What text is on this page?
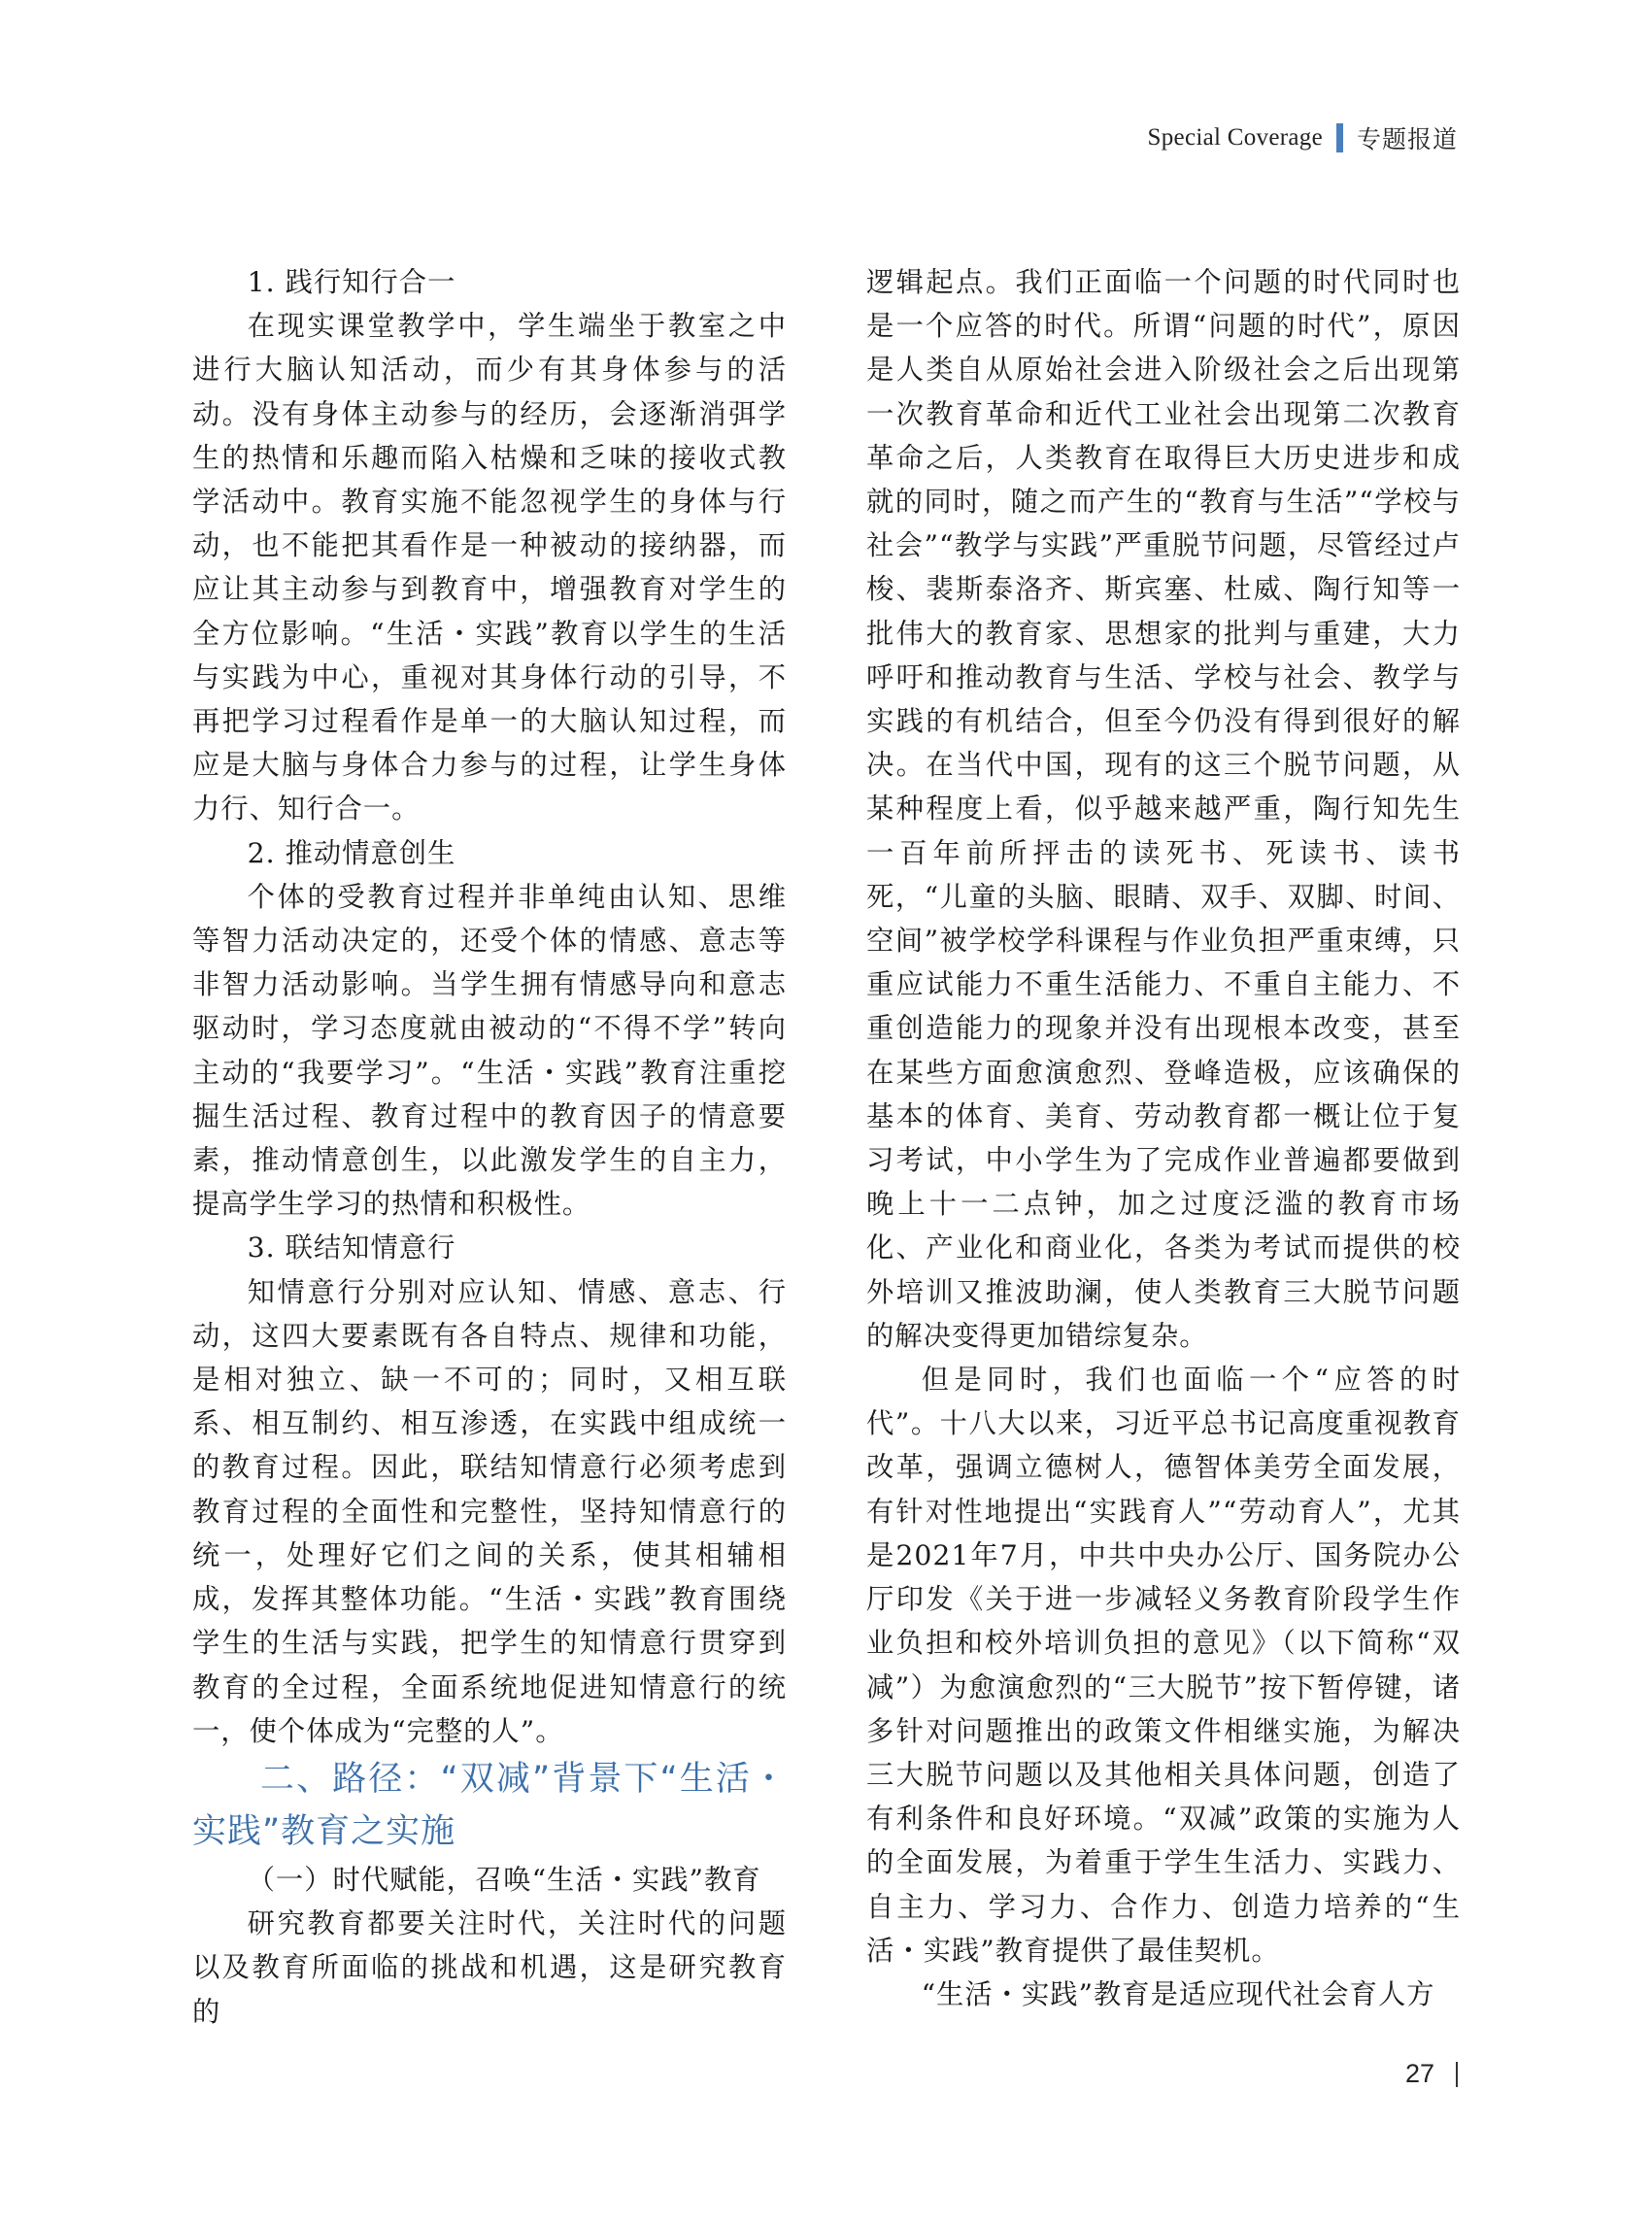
Special Coverage 专题报道

1. 践行知行合一

在现实课堂教学中，学生端坐于教室之中进行大脑认知活动，而少有其身体参与的活动。没有身体主动参与的经历，会逐渐消弭学生的热情和乐趣而陷入枯燥和乏味的接收式教学活动中。教育实施不能忽视学生的身体与行动，也不能把其看作是一种被动的接纳器，而应让其主动参与到教育中，增强教育对学生的全方位影响。“生活・实践”教育以学生的生活与实践为中心，重视对其身体行动的引导，不再把学习过程看作是单一的大脑认知过程，而应是大脑与身体合力参与的过程，让学生身体力行、知行合一。

2. 推动情意创生

个体的受教育过程并非单纯由认知、思维等智力活动决定的，还受个体的情感、意志等非智力活动影响。当学生拥有情感导向和意志驱动时，学习态度就由被动的“不得不学”转向主动的“我要学习”。“生活・实践”教育注重挖掘生活过程、教育过程中的教育因子的情意要素，推动情意创生，以此激发学生的自主力，提高学生学习的热情和积极性。

3. 联结知情意行

知情意行分别对应认知、情感、意志、行动，这四大要素既有各自特点、规律和功能，是相对独立、缺一不可的；同时，又相互联系、相互制约、相互渗透，在实践中组成统一的教育过程。因此，联结知情意行必须考虑到教育过程的全面性和完整性，坚持知情意行的统一，处理好它们之间的关系，使其相辅相成，发挥其整体功能。“生活・实践”教育围绕学生的生活与实践，把学生的知情意行贯穿到教育的全过程，全面系统地促进知情意行的统一，使个体成为“完整的人”。

二、路径：“双减”背景下“生活・实践”教育之实施

（一）时代赋能，召唤“生活・实践”教育

研究教育都要关注时代，关注时代的问题以及教育所面临的挑战和机遇，这是研究教育的

逻辑起点。我们正面临一个问题的时代同时也是一个应答的时代。所谓“问题的时代”，原因是人类自从原始社会进入阶级社会之后出现第一次教育革命和近代工业社会出现第二次教育革命之后，人类教育在取得巨大历史进步和成就的同时，随之而产生的“教育与生活”“学校与社会”“教学与实践”严重脱节问题，尽管经过卢梭、裴斯泰洛齐、斯宾塞、杜威、陶行知等一批伟大的教育家、思想家的批判与重建，大力呼吁和推动教育与生活、学校与社会、教学与实践的有机结合，但至今仍没有得到很好的解决。在当代中国，现有的这三个脱节问题，从某种程度上看，似乎越来越严重，陶行知先生一百年前所抨击的读死书、死读书、读书死，“儿童的头脑、眼睛、双手、双脚、时间、空间”被学校学科课程与作业负担严重束缚，只重应试能力不重生活能力、不重自主能力、不重创造能力的现象并没有出现根本改变，甚至在某些方面愈演愈烈、登峰造极，应该确保的基本的体育、美育、劳动教育都一概让位于复习考试，中小学生为了完成作业普遍都要做到晚上十一二点钟，加之过度泛滥的教育市场化、产业化和商业化，各类为考试而提供的校外培训又推波助澜，使人类教育三大脱节问题的解决变得更加错综复杂。

但是同时，我们也面临一个“应答的时代”。十八大以来，习近平总书记高度重视教育改革，强调立德树人，德智体美劳全面发展，有针对性地提出“实践育人”“劳动育人”，尤其是2021年7月，中共中央办公厅、国务院办公厅印发《关于进一步减轻义务教育阶段学生作业负担和校外培训负担的意见》（以下简称“双减”）为愈演愈烈的“三大脱节”按下暂停键，诸多针对问题推出的政策文件相继实施，为解决三大脱节问题以及其他相关具体问题，创造了有利条件和良好环境。“双减”政策的实施为人的全面发展，为着重于学生生活力、实践力、自主力、学习力、合作力、创造力培养的“生活・实践”教育提供了最佳契机。

“生活・实践”教育是适应现代社会育人方

27
